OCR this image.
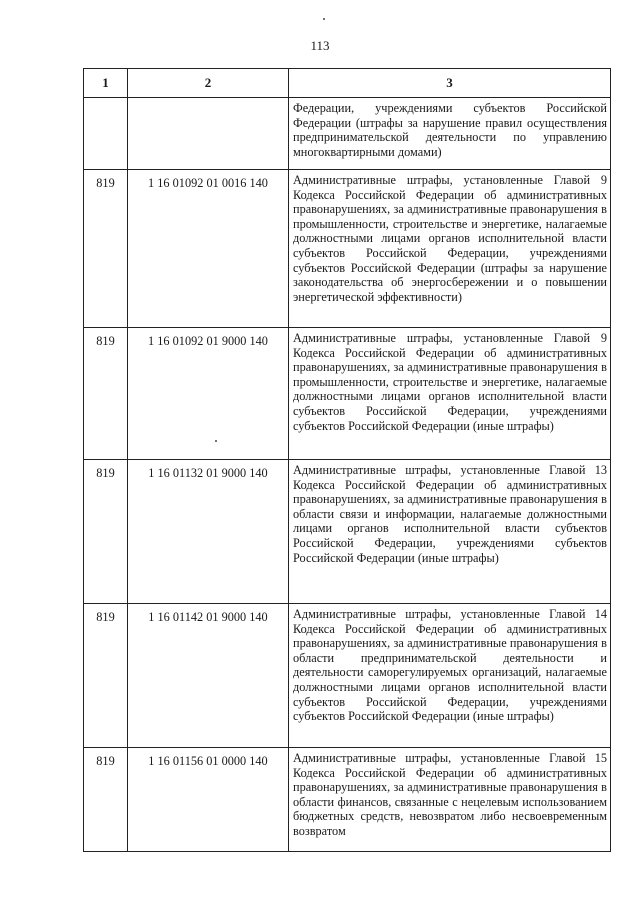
113
1	2	3
		Федерации, учреждениями субъектов Российской Федерации (штрафы за нарушение правил осуществления предпринимательской деятельности по управлению многоквартирными домами)
819	1 16 01092 01 0016 140	Административные штрафы, установленные Главой 9 Кодекса Российской Федерации об административных правонарушениях, за административные правонарушения в промышленности, строительстве и энергетике, налагаемые должностными лицами органов исполнительной власти субъектов Российской Федерации, учреждениями субъектов Российской Федерации (штрафы за нарушение законодательства об энергосбережении и о повышении энергетической эффективности)
819	1 16 01092 01 9000 140	Административные штрафы, установленные Главой 9 Кодекса Российской Федерации об административных правонарушениях, за административные правонарушения в промышленности, строительстве и энергетике, налагаемые должностными лицами органов исполнительной власти субъектов Российской Федерации, учреждениями субъектов Российской Федерации (иные штрафы)
819	1 16 01132 01 9000 140	Административные штрафы, установленные Главой 13 Кодекса Российской Федерации об административных правонарушениях, за административные правонарушения в области связи и информации, налагаемые должностными лицами органов исполнительной власти субъектов Российской Федерации, учреждениями субъектов Российской Федерации (иные штрафы)
819	1 16 01142 01 9000 140	Административные штрафы, установленные Главой 14 Кодекса Российской Федерации об административных правонарушениях, за административные правонарушения в области предпринимательской деятельности и деятельности саморегулируемых организаций, налагаемые должностными лицами органов исполнительной власти субъектов Российской Федерации, учреждениями субъектов Российской Федерации (иные штрафы)
819	1 16 01156 01 0000 140	Административные штрафы, установленные Главой 15 Кодекса Российской Федерации об административных правонарушениях, за административные правонарушения в области финансов, связанные с нецелевым использованием бюджетных средств, невозвратом либо несвоевременным возвратом
